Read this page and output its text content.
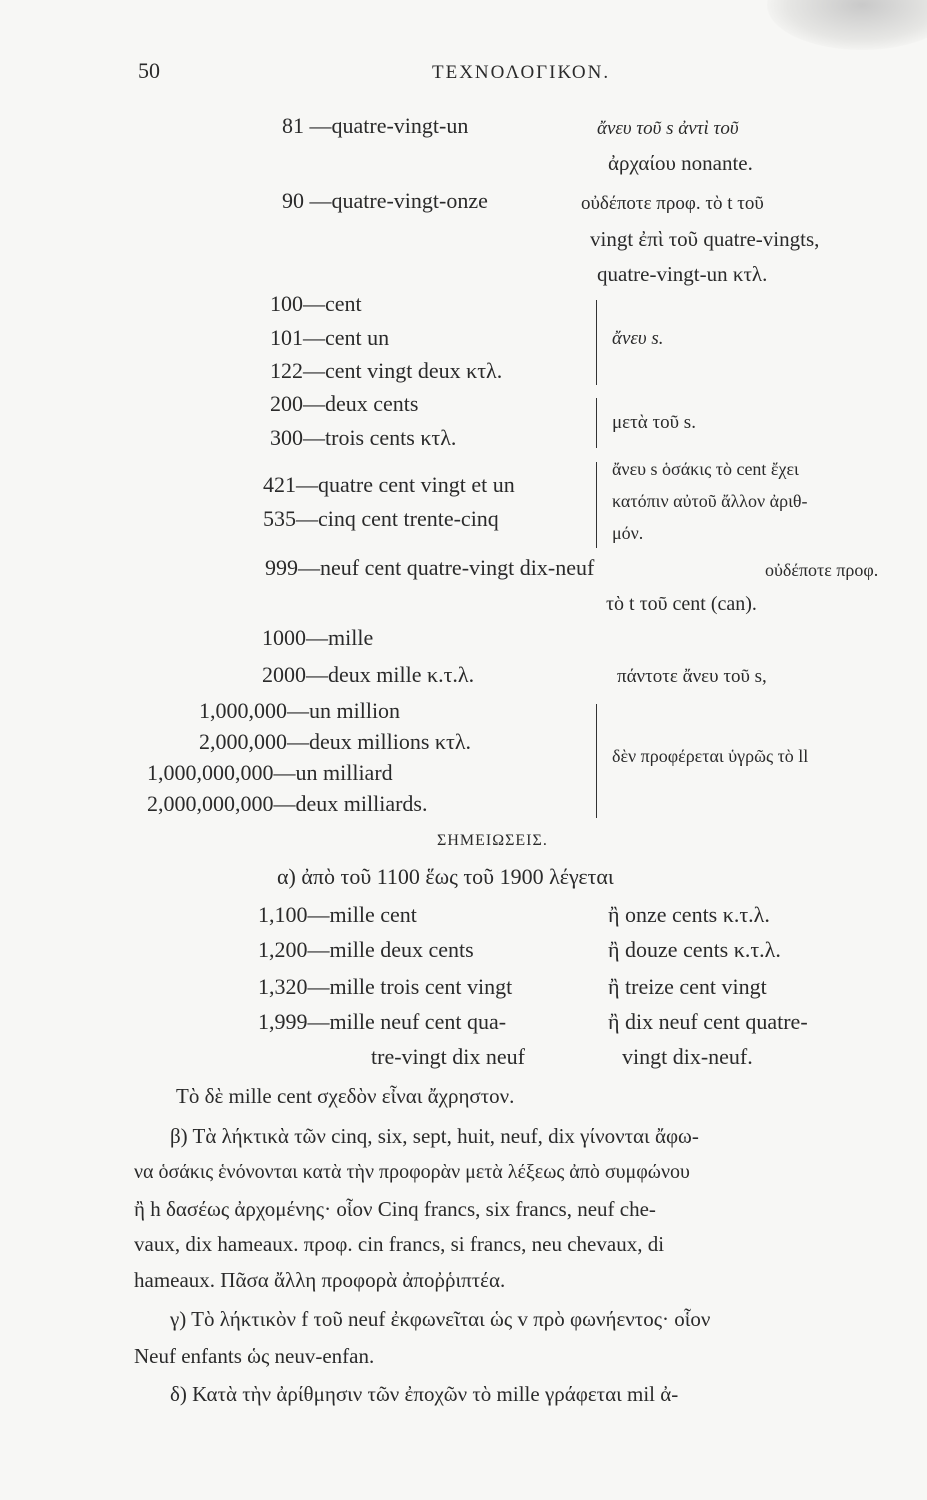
50	ΤΕΧΝΟΛΟΓΙΚΟΝ.
81 —quatre-vingt-un	ἄνευ τοῦ s ἀντὶ τοῦ
ἀρχαίου nonante.
90 —quatre-vingt-onze	οὐδέποτε προφ. τὸ t τοῦ
vingt ἐπὶ τοῦ quatre-vingts,
quatre-vingt-un κτλ.
100—cent
101—cent un
122—cent vingt deux κτλ.
ἄνευ s.
200—deux cents
300—trois cents κτλ.
μετὰ τοῦ s.
421—quatre cent vingt et un
535—cinq cent trente-cinq
ἄνευ s ὁσάκις τὸ cent ἔχει
κατόπιν αὐτοῦ ἄλλον ἀριθ-
μόν.
999—neuf cent quatre-vingt dix-neuf	οὐδέποτε προφ.
τὸ t τοῦ cent (can).
1000—mille
2000—deux mille κ.τ.λ.	πάντοτε ἄνευ τοῦ s,
1,000,000—un million
2,000,000—deux millions κτλ.
1,000,000,000—un milliard
2,000,000,000—deux milliards.
δὲν προφέρεται ὑγρῶς τὸ ll
ΣΗΜΕΙΩΣΕΙΣ.
α) ἀπὸ τοῦ 1100 ἕως τοῦ 1900 λέγεται
1,100—mille cent	ἢ onze cents κ.τ.λ.
1,200—mille deux cents	ἢ douze cents κ.τ.λ.
1,320—mille trois cent vingt	ἢ treize cent vingt
1,999—mille neuf cent qua-	ἢ dix neuf cent quatre-
tre-vingt dix neuf	vingt dix-neuf.
Τὸ δὲ mille cent σχεδὸν εἶναι ἄχρηστον.
β) Τὰ λήκτικὰ τῶν cinq, six, sept, huit, neuf, dix γίνονται ἄφω-
να ὁσάκις ἑνόνονται κατὰ τὴν προφορὰν μετὰ λέξεως ἀπὸ συμφώνου
ἢ h δασέως ἀρχομένης· οἷον Cinq francs, six francs, neuf che-
vaux, dix hameaux. προφ. cin francs, si francs, neu chevaux, di
hameaux. Πᾶσα ἄλλη προφορὰ ἀποῤῥιπτέα.
γ) Τὸ λήκτικὸν f τοῦ neuf ἐκφωνεῖται ὡς v πρὸ φωνήεντος· οἷον
Neuf enfants ὡς neuv-enfan.
δ) Κατὰ τὴν ἀρίθμησιν τῶν ἐποχῶν τὸ mille γράφεται mil ἀ-
